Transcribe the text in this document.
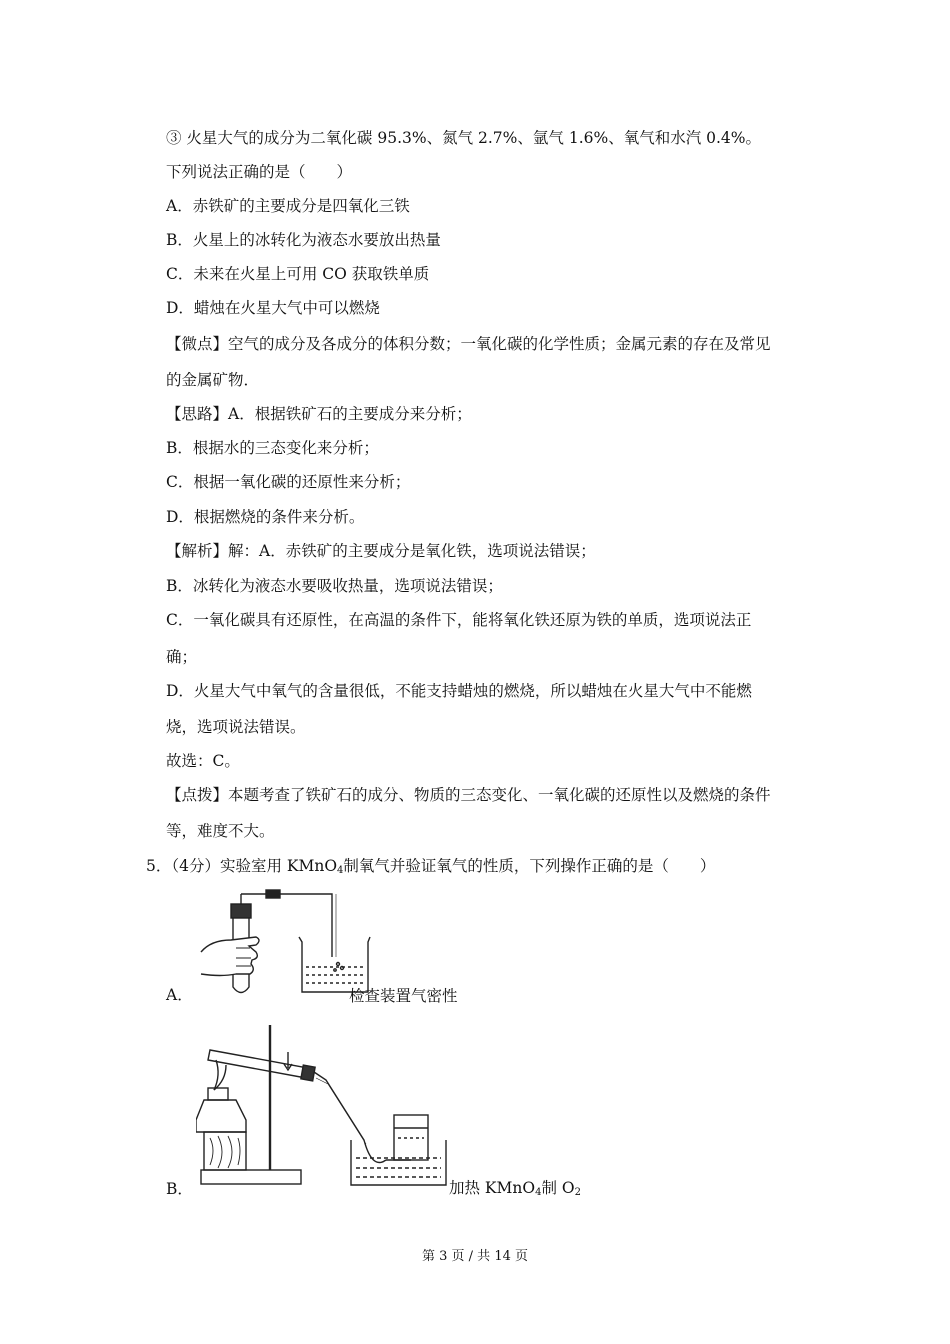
③ 火星大气的成分为二氧化碳 95.3%、氮气 2.7%、氩气 1.6%、氧气和水汽 0.4%。
下列说法正确的是（　　）
A．赤铁矿的主要成分是四氧化三铁
B．火星上的冰转化为液态水要放出热量
C．未来在火星上可用 CO 获取铁单质
D．蜡烛在火星大气中可以燃烧
【微点】空气的成分及各成分的体积分数；一氧化碳的化学性质；金属元素的存在及常见
的金属矿物．
【思路】A．根据铁矿石的主要成分来分析；
B．根据水的三态变化来分析；
C．根据一氧化碳的还原性来分析；
D．根据燃烧的条件来分析。
【解析】解：A．赤铁矿的主要成分是氧化铁，选项说法错误；
B．冰转化为液态水要吸收热量，选项说法错误；
C．一氧化碳具有还原性，在高温的条件下，能将氧化铁还原为铁的单质，选项说法正
确；
D．火星大气中氧气的含量很低，不能支持蜡烛的燃烧，所以蜡烛在火星大气中不能燃
烧，选项说法错误。
故选：C。
【点拨】本题考查了铁矿石的成分、物质的三态变化、一氧化碳的还原性以及燃烧的条件
等，难度不大。
5．（4分）实验室用 KMnO$_4$制氧气并验证氧气的性质，下列操作正确的是（　　）
A．	检查装置气密性
B．	加热 KMnO$_4$制 $O_2$
第 3 页 / 共 14 页
